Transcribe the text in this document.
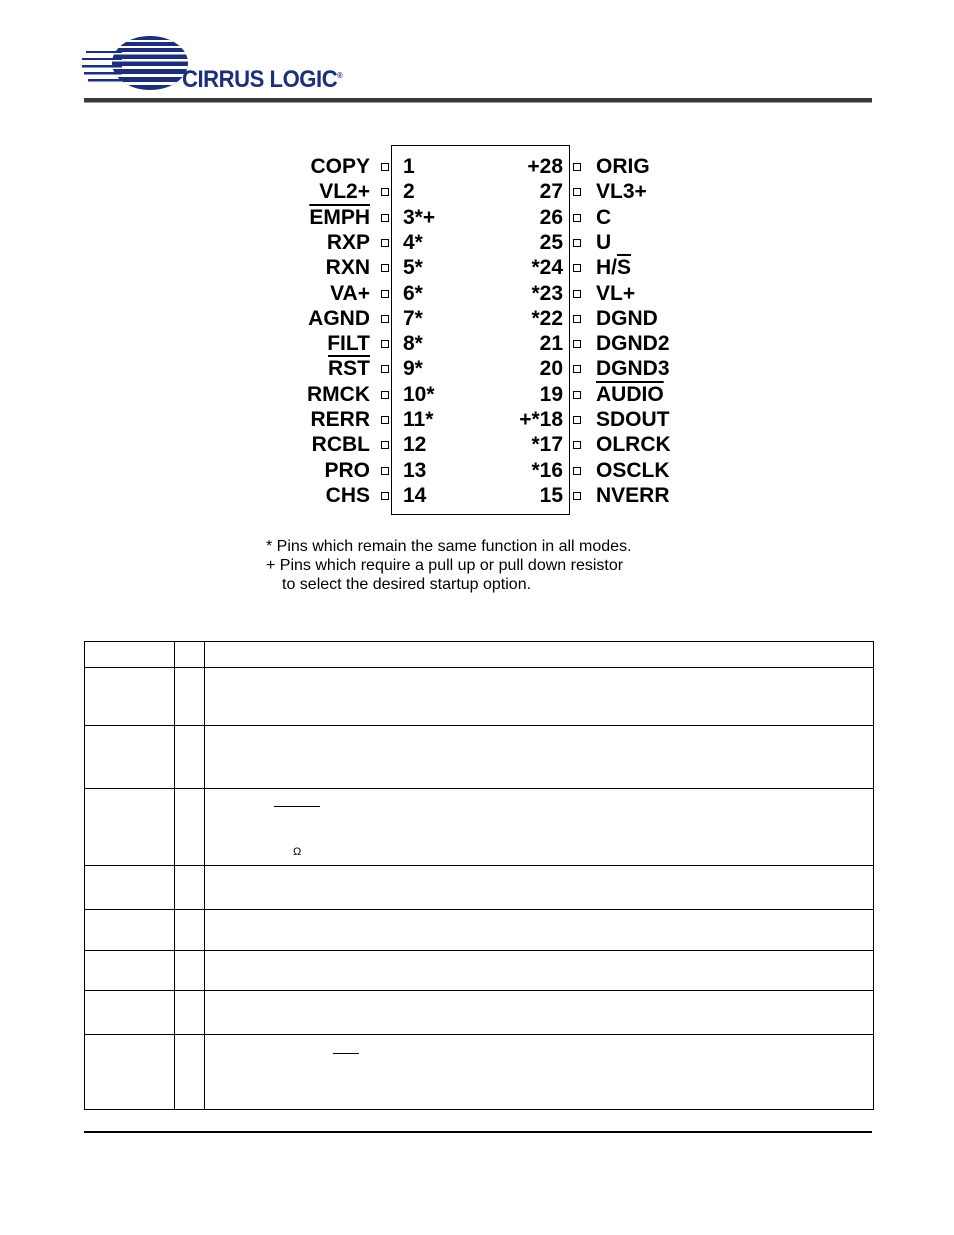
CIRRUS LOGIC®
COPY 1
VL2+ 2
EMPH 3*+
RXP 4*
RXN 5*
VA+ 6*
AGND 7*
FILT 8*
$\overline{RST}$ 9*
RMCK 10*
RERR 11*
RCBL 12
PRO 13
CHS 14
+28 ORIG
27 VL3+
26 C
25 U
*24 $H/\overline{S}$
*23 VL+
*22 DGND
21 DGND2
20 DGND3
19 AUDIO
+*18 SDOUT
*17 OLRCK
*16 OSCLK
15 NVERR
* Pins which remain the same function in all modes.
+ Pins which require a pull up or pull down resistor
to select the desired startup option.
Ω
